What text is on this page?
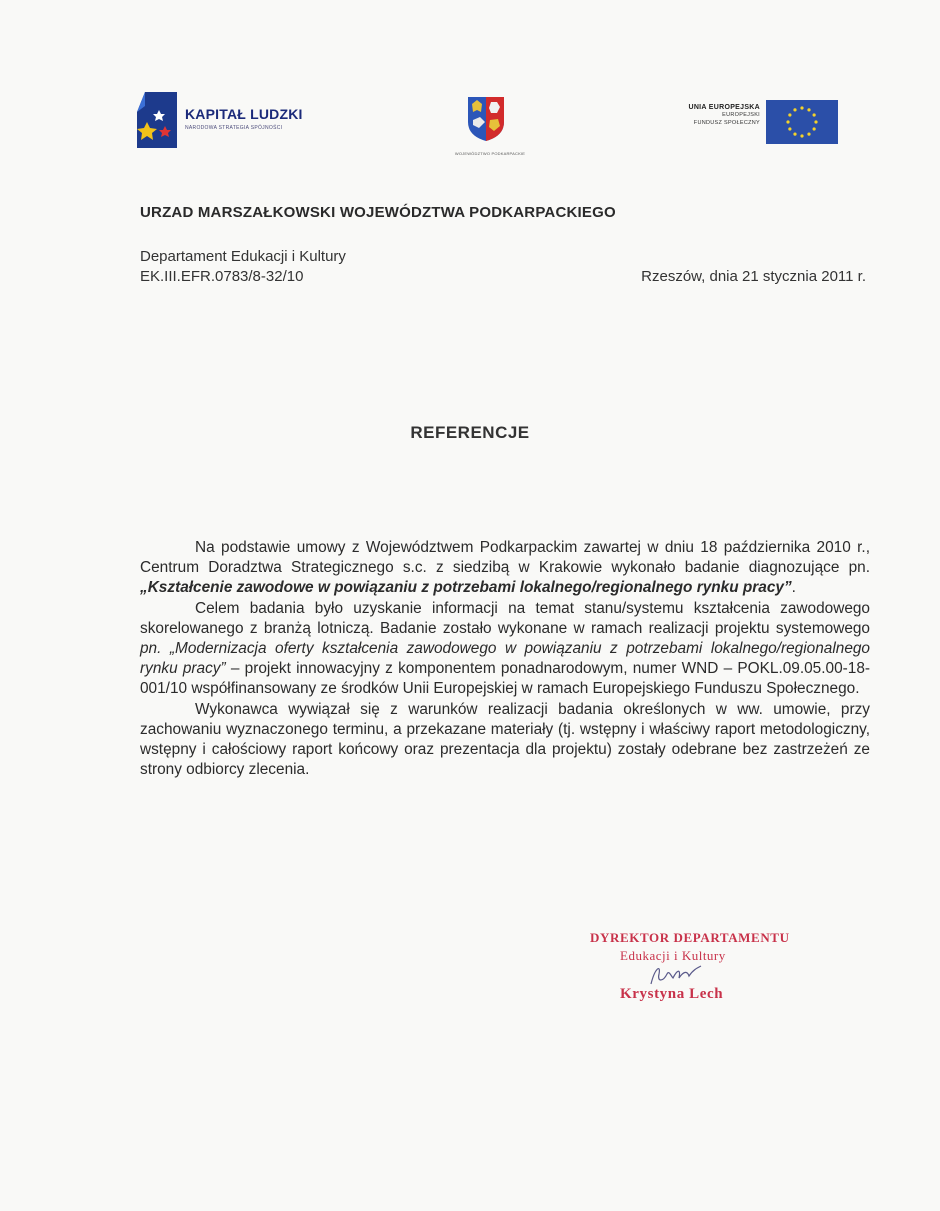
KAPITAŁ LUDZKI
NARODOWA STRATEGIA SPÓJNOŚCI
WOJEWÓDZTWO PODKARPACKIE
UNIA EUROPEJSKA
EUROPEJSKI
FUNDUSZ SPOŁECZNY
URZAD MARSZAŁKOWSKI WOJEWÓDZTWA PODKARPACKIEGO
Departament Edukacji i Kultury
EK.III.EFR.0783/8-32/10	Rzeszów, dnia 21 stycznia 2011 r.
REFERENCJE

Na podstawie umowy z Województwem Podkarpackim zawartej w dniu 18 października 2010 r., Centrum Doradztwa Strategicznego s.c. z siedzibą w Krakowie wykonało badanie diagnozujące pn. „Kształcenie zawodowe w powiązaniu z potrzebami lokalnego/regionalnego rynku pracy”.

Celem badania było uzyskanie informacji na temat stanu/systemu kształcenia zawodowego skorelowanego z branżą lotniczą. Badanie zostało wykonane w ramach realizacji projektu systemowego pn. „Modernizacja oferty kształcenia zawodowego w powiązaniu z potrzebami lokalnego/regionalnego rynku pracy” – projekt innowacyjny z komponentem ponadnarodowym, numer WND – POKL.09.05.00-18-001/10 współfinansowany ze środków Unii Europejskiej w ramach Europejskiego Funduszu Społecznego.

Wykonawca wywiązał się z warunków realizacji badania określonych w ww. umowie, przy zachowaniu wyznaczonego terminu, a przekazane materiały (tj. wstępny i właściwy raport metodologiczny, wstępny i całościowy raport końcowy oraz prezentacja dla projektu) zostały odebrane bez zastrzeżeń ze strony odbiorcy zlecenia.

DYREKTOR DEPARTAMENTU
Edukacji i Kultury
Krystyna Lech
